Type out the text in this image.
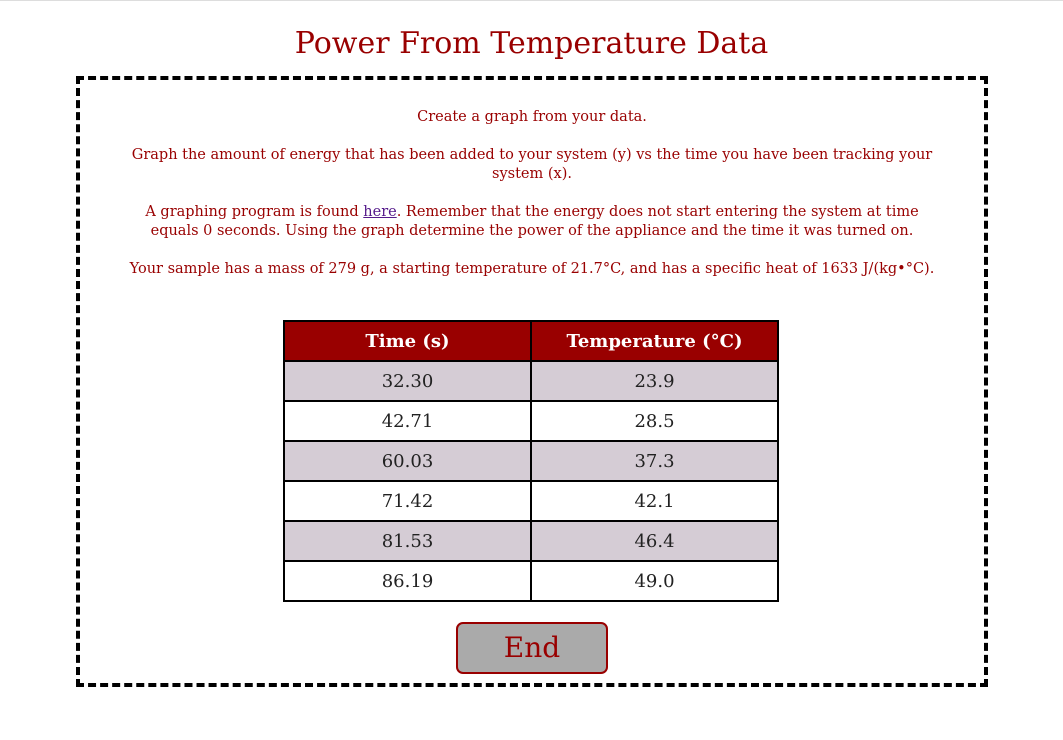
Power From Temperature Data

Create a graph from your data.

Graph the amount of energy that has been added to your system (y) vs the time you have been tracking your system (x).

A graphing program is found here. Remember that the energy does not start entering the system at time equals 0 seconds. Using the graph determine the power of the appliance and the time it was turned on.

Your sample has a mass of 279 g, a starting temperature of 21.7°C, and has a specific heat of 1633 J/(kg•°C).

Time (s)	Temperature (°C)
32.30	23.9
42.71	28.5
60.03	37.3
71.42	42.1
81.53	46.4
86.19	49.0
End
